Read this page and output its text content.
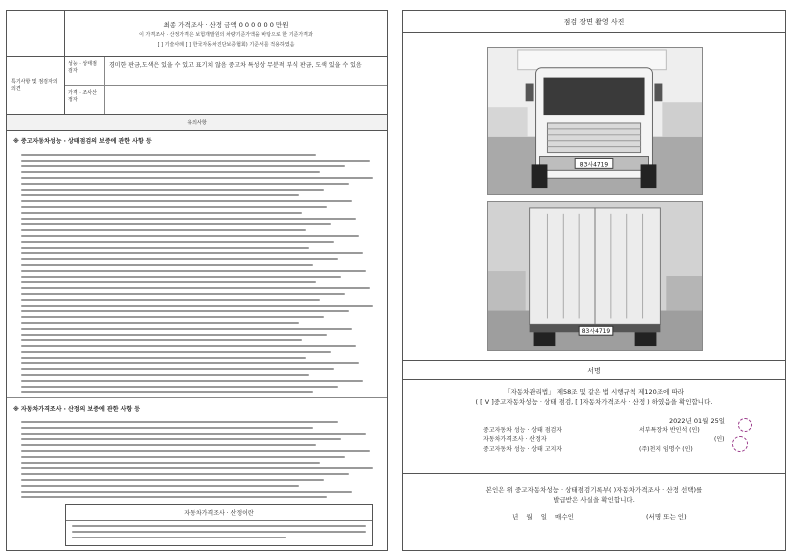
최종 가격조사 · 산정 금액 0 0 0 0 0 0 만원
이 가격조사 · 산정가격은 보험개발원의 차량기준가액을 바탕으로 한 기준가격과
[ ] 기술사례 [ ] 한국자동차진단보증협회) 기준서를 적용하였음
특기사항 및 점검자의 의견
성능 · 상태점검자
경미한 판금,도색은 있을 수 있고 표기치 않음 중고차 특성상 무분적 부식 판금, 도색 있을 수 있음
가격 · 조사산정자
유의사항
※ 중고자동차성능 · 상태점검의 보증에 관한 사항 등
※ 자동차가격조사 · 산정의 보증에 관한 사항 등
자동차가격조사 · 산정이란
점검 장면 촬영 사진
83사4719
83사4719
서명
「자동차관리법」 제58조 및 같은 법 시행규칙 제120조에 따라
( [ V ]중고자동차성능 · 상태 점검, [ ]자동차가격조사 · 산정 ) 하였음을 확인합니다.
2022년 01월 25일
중고자동차 성능 · 상태 점검자
자동차가격조사 · 산정자
중고자동차 성능 · 상태 고지자
서부특장차 반인석 (인)
(인)
(주)천지 임명수 (인)
본인은 위 중고자동차성능 · 상태점검기록부( )자동차가격조사 · 산정 선택)를
발급받은 사실을 확인합니다.
년 월 일 매수인	(서명 또는 인)
